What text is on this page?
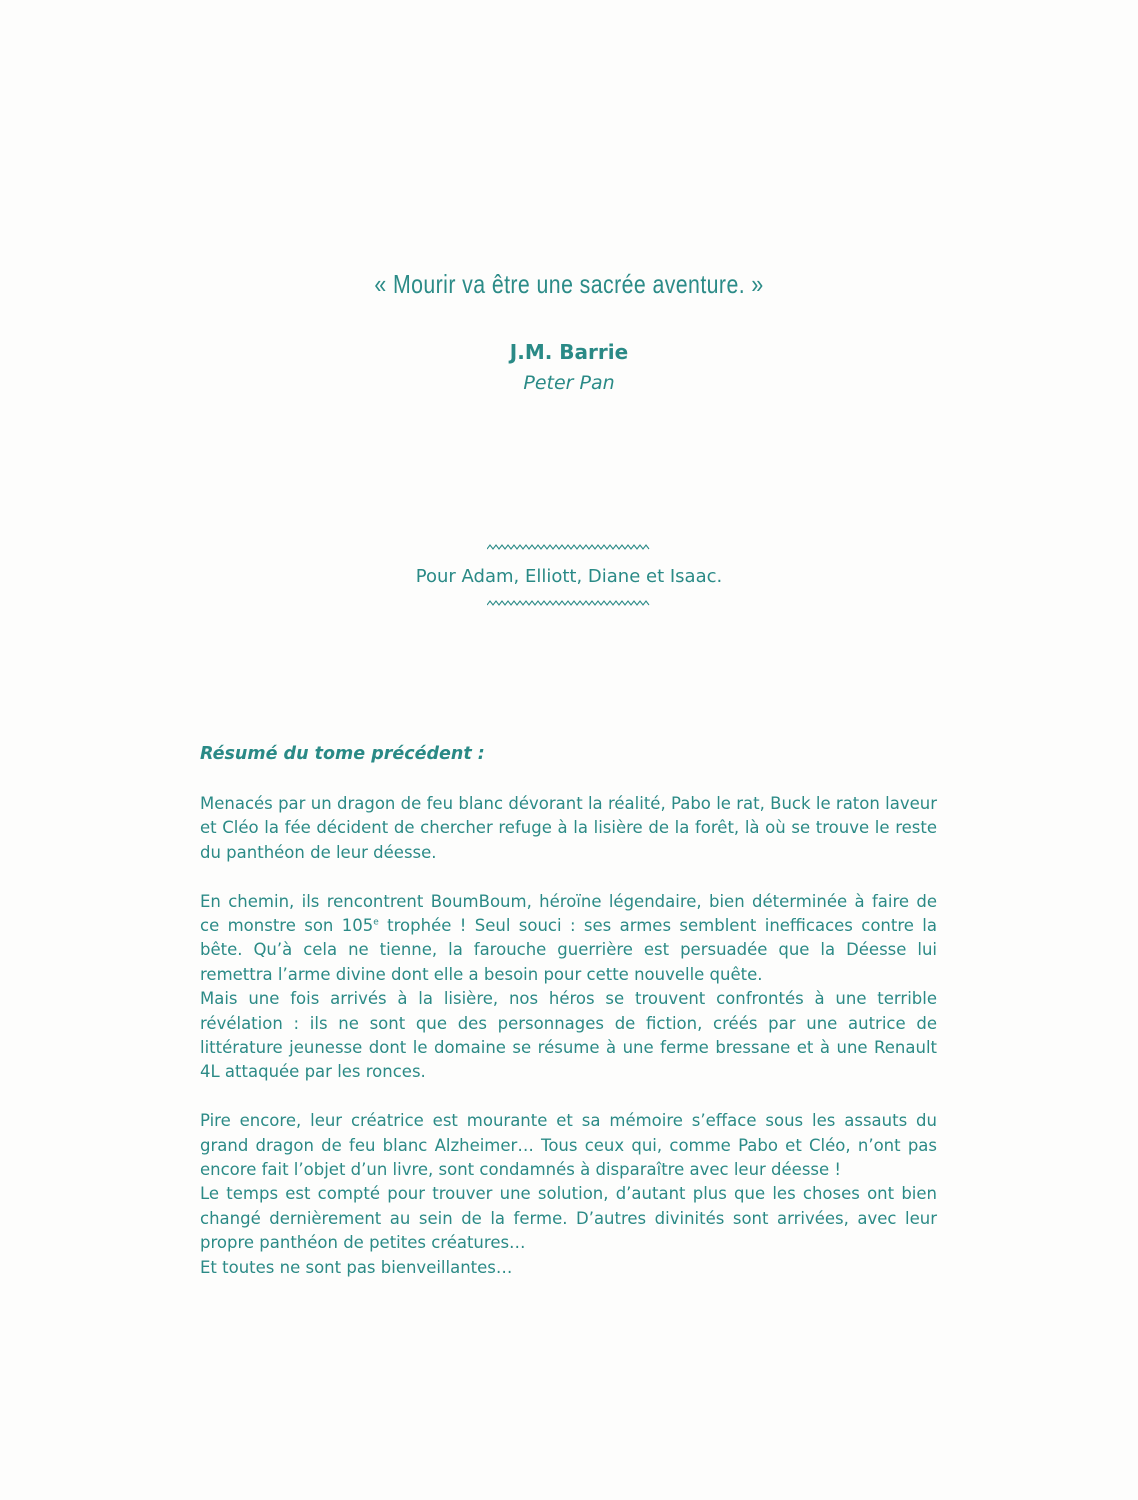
« Mourir va être une sacrée aventure. »
J.M. Barrie
Peter Pan
Pour Adam, Elliott, Diane et Isaac.
Résumé du tome précédent :

Menacés par un dragon de feu blanc dévorant la réalité, Pabo le rat, Buck le raton laveur et Cléo la fée décident de chercher refuge à la lisière de la forêt, là où se trouve le reste du panthéon de leur déesse.

En chemin, ils rencontrent BoumBoum, héroïne légendaire, bien déterminée à faire de ce monstre son 105e trophée ! Seul souci : ses armes semblent inefficaces contre la bête. Qu’à cela ne tienne, la farouche guerrière est persuadée que la Déesse lui remettra l’arme divine dont elle a besoin pour cette nouvelle quête.

Mais une fois arrivés à la lisière, nos héros se trouvent confrontés à une terrible révélation : ils ne sont que des personnages de fiction, créés par une autrice de littérature jeunesse dont le domaine se résume à une ferme bressane et à une Renault 4L attaquée par les ronces.

Pire encore, leur créatrice est mourante et sa mémoire s’efface sous les assauts du grand dragon de feu blanc Alzheimer… Tous ceux qui, comme Pabo et Cléo, n’ont pas encore fait l’objet d’un livre, sont condamnés à disparaître avec leur déesse !

Le temps est compté pour trouver une solution, d’autant plus que les choses ont bien changé dernièrement au sein de la ferme. D’autres divinités sont arrivées, avec leur propre panthéon de petites créatures…

Et toutes ne sont pas bienveillantes…
